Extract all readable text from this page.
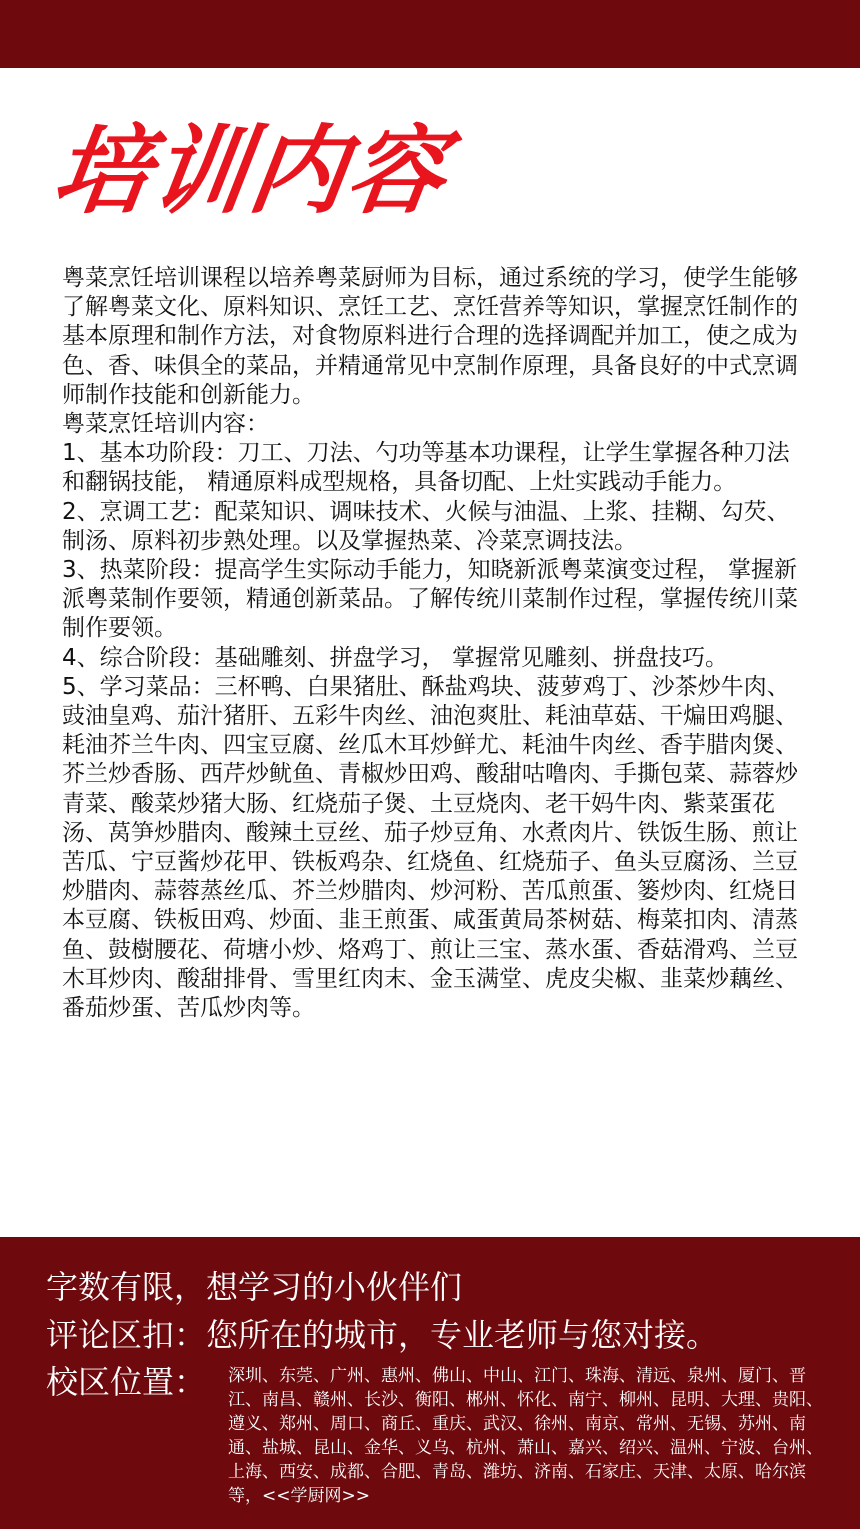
培训内容

粤菜烹饪培训课程以培养粤菜厨师为目标，通过系统的学习，使学生能够了解粤菜文化、原料知识、烹饪工艺、烹饪营养等知识，掌握烹饪制作的基本原理和制作方法，对食物原料进行合理的选择调配并加工，使之成为色、香、味俱全的菜品，并精通常见中烹制作原理，具备良好的中式烹调师制作技能和创新能力。

粤菜烹饪培训内容：

1、基本功阶段：刀工、刀法、勺功等基本功课程，让学生掌握各种刀法和翻锅技能， 精通原料成型规格，具备切配、上灶实践动手能力。

2、烹调工艺：配菜知识、调味技术、火候与油温、上浆、挂糊、勾芡、制汤、原料初步熟处理。以及掌握热菜、冷菜烹调技法。

3、热菜阶段：提高学生实际动手能力，知晓新派粤菜演变过程， 掌握新派粤菜制作要领，精通创新菜品。了解传统川菜制作过程，掌握传统川菜制作要领。

4、综合阶段：基础雕刻、拼盘学习， 掌握常见雕刻、拼盘技巧。

5、学习菜品：三杯鸭、白果猪肚、酥盐鸡块、菠萝鸡丁、沙茶炒牛肉、豉油皇鸡、茄汁猪肝、五彩牛肉丝、油泡爽肚、耗油草菇、干煸田鸡腿、耗油芥兰牛肉、四宝豆腐、丝瓜木耳炒鲜尤、耗油牛肉丝、香芋腊肉煲、芥兰炒香肠、西芹炒鱿鱼、青椒炒田鸡、酸甜咕噜肉、手撕包菜、蒜蓉炒青菜、酸菜炒猪大肠、红烧茄子煲、土豆烧肉、老干妈牛肉、紫菜蛋花汤、莴笋炒腊肉、酸辣土豆丝、茄子炒豆角、水煮肉片、铁饭生肠、煎让苦瓜、宁豆酱炒花甲、铁板鸡杂、红烧鱼、红烧茄子、鱼头豆腐汤、兰豆炒腊肉、蒜蓉蒸丝瓜、芥兰炒腊肉、炒河粉、苦瓜煎蛋、篓炒肉、红烧日本豆腐、铁板田鸡、炒面、韭王煎蛋、咸蛋黄局茶树菇、梅菜扣肉、清蒸鱼、鼓樹腰花、荷塘小炒、烙鸡丁、煎让三宝、蒸水蛋、香菇滑鸡、兰豆木耳炒肉、酸甜排骨、雪里红肉末、金玉满堂、虎皮尖椒、韭菜炒藕丝、番茄炒蛋、苦瓜炒肉等。

字数有限，想学习的小伙伴们
评论区扣：您所在的城市，专业老师与您对接。
校区位置： 深圳、东莞、广州、惠州、佛山、中山、江门、珠海、清远、泉州、厦门、晋江、南昌、赣州、长沙、衡阳、郴州、怀化、南宁、柳州、昆明、大理、贵阳、遵义、郑州、周口、商丘、重庆、武汉、徐州、南京、常州、无锡、苏州、南通、盐城、昆山、金华、义乌、杭州、萧山、嘉兴、绍兴、温州、宁波、台州、上海、西安、成都、合肥、青岛、潍坊、济南、石家庄、天津、太原、哈尔滨等，<<学厨网>>
